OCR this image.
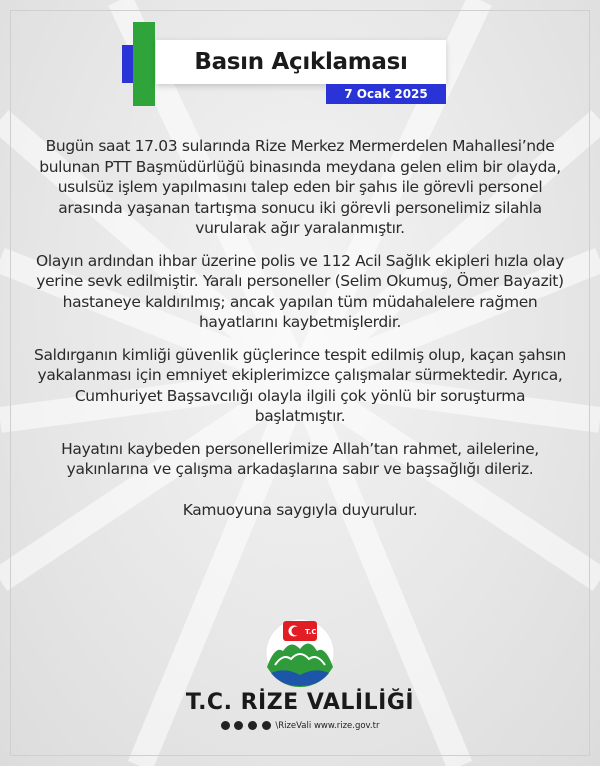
Basın Açıklaması
7 Ocak 2025

Bugün saat 17.03 sularında Rize Merkez Mermerdelen Mahallesi’nde bulunan PTT Başmüdürlüğü binasında meydana gelen elim bir olayda, usulsüz işlem yapılmasını talep eden bir şahıs ile görevli personel arasında yaşanan tartışma sonucu iki görevli personelimiz silahla vurularak ağır yaralanmıştır.

Olayın ardından ihbar üzerine polis ve 112 Acil Sağlık ekipleri hızla olay yerine sevk edilmiştir. Yaralı personeller (Selim Okumuş, Ömer Bayazit) hastaneye kaldırılmış; ancak yapılan tüm müdahalelere rağmen hayatlarını kaybetmişlerdir.

Saldırganın kimliği güvenlik güçlerince tespit edilmiş olup, kaçan şahsın yakalanması için emniyet ekiplerimizce çalışmalar sürmektedir. Ayrıca, Cumhuriyet Başsavcılığı olayla ilgili çok yönlü bir soruşturma başlatmıştır.

Hayatını kaybeden personellerimize Allah’tan rahmet, ailelerine, yakınlarına ve çalışma arkadaşlarına sabır ve başsağlığı dileriz.

Kamuoyuna saygıyla duyurulur.

T.C.
T.C. RİZE VALİLİĞİ
\RizeVali www.rize.gov.tr
